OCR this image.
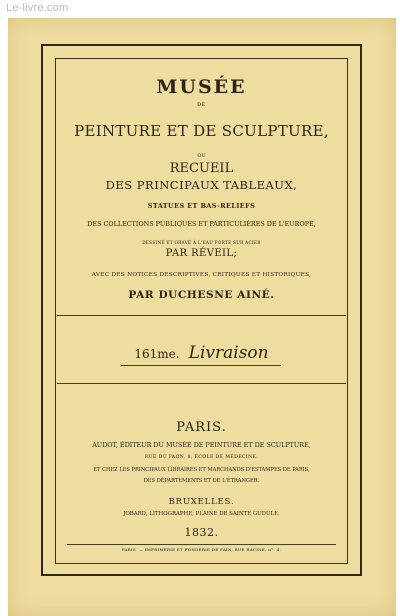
Le-livre.com
MUSÉE
DE
PEINTURE ET DE SCULPTURE,
OU
RECUEIL
DES PRINCIPAUX TABLEAUX,
STATUES ET BAS-RELIEFS
DES COLLECTIONS PUBLIQUES ET PARTICULIÈRES DE L'EUROPE,
DESSINÉ ET GRAVÉ À L'EAU FORTE SUR ACIER
PAR RÉVEIL;
AVEC DES NOTICES DESCRIPTIVES, CRITIQUES ET HISTORIQUES,
PAR DUCHESNE AINÉ.
161me. Livraison
PARIS.
AUDOT, ÉDITEUR DU MUSÉE DE PEINTURE ET DE SCULPTURE,
RUE DU PAON, 8, ÉCOLE DE MÉDECINE.
ET CHEZ LES PRINCIPAUX LIBRAIRES ET MARCHANDS D'ESTAMPES DE PARIS,
DES DÉPARTEMENTS ET DE L'ÉTRANGER.
BRUXELLES.
JOBARD, LITHOGRAPHE, PLAINE DE SAINTE GUDULE.
1832.
PARIS. — IMPRIMERIE ET FONDERIE DE FAIN, RUE RACINE, n°. 4.
